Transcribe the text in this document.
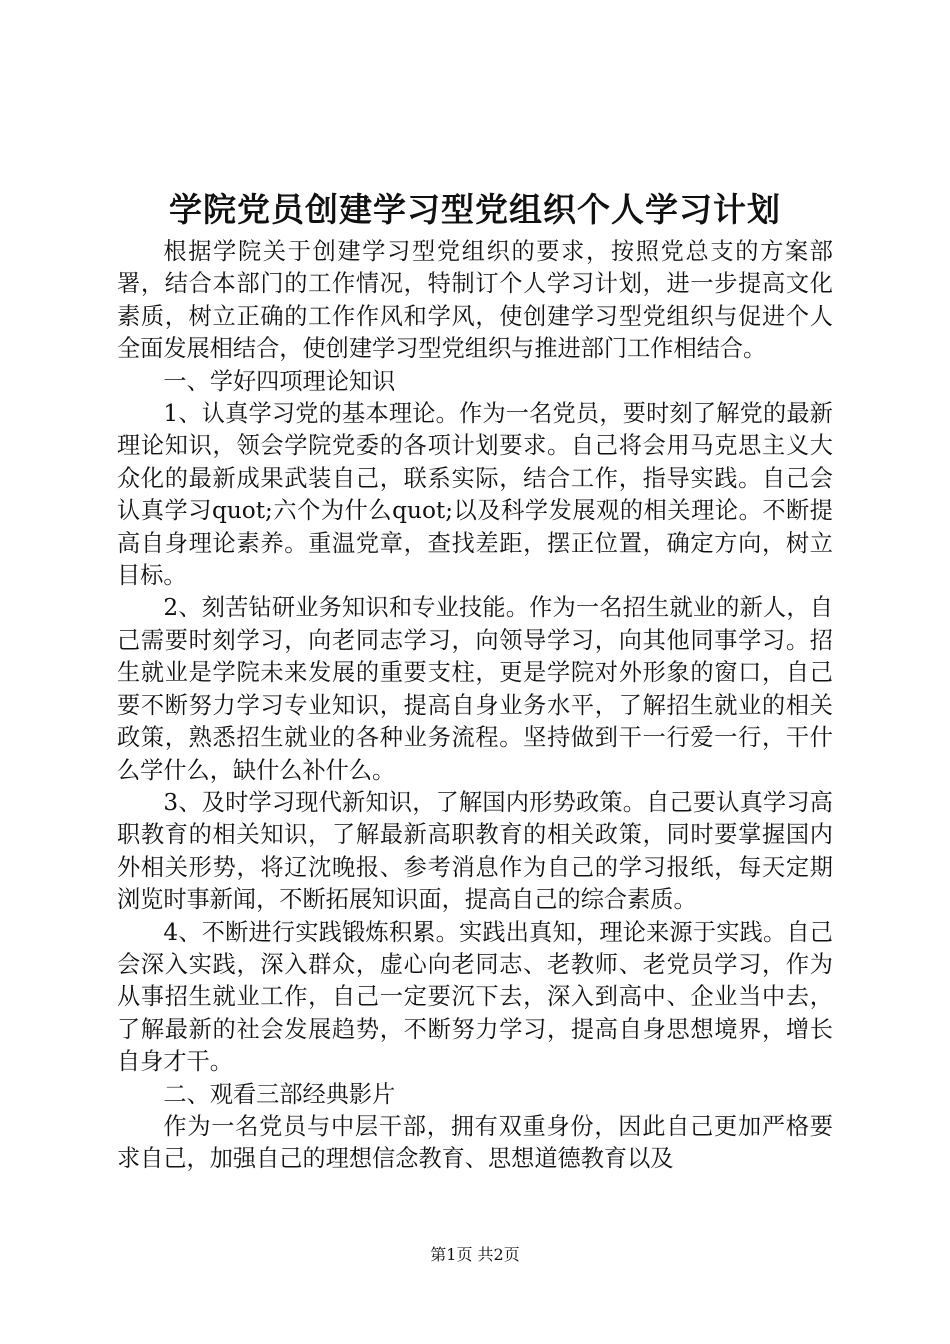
学院党员创建学习型党组织个人学习计划

根据学院关于创建学习型党组织的要求，按照党总支的方案部署，结合本部门的工作情况，特制订个人学习计划，进一步提高文化素质，树立正确的工作作风和学风，使创建学习型党组织与促进个人全面发展相结合，使创建学习型党组织与推进部门工作相结合。

一、学好四项理论知识

1、认真学习党的基本理论。作为一名党员，要时刻了解党的最新理论知识，领会学院党委的各项计划要求。自己将会用马克思主义大众化的最新成果武装自己，联系实际，结合工作，指导实践。自己会认真学习quot;六个为什么quot;以及科学发展观的相关理论。不断提高自身理论素养。重温党章，查找差距，摆正位置，确定方向，树立目标。

2、刻苦钻研业务知识和专业技能。作为一名招生就业的新人，自己需要时刻学习，向老同志学习，向领导学习，向其他同事学习。招生就业是学院未来发展的重要支柱，更是学院对外形象的窗口，自己要不断努力学习专业知识，提高自身业务水平，了解招生就业的相关政策，熟悉招生就业的各种业务流程。坚持做到干一行爱一行，干什么学什么，缺什么补什么。

3、及时学习现代新知识，了解国内形势政策。自己要认真学习高职教育的相关知识，了解最新高职教育的相关政策，同时要掌握国内外相关形势，将辽沈晚报、参考消息作为自己的学习报纸，每天定期浏览时事新闻，不断拓展知识面，提高自己的综合素质。

4、不断进行实践锻炼积累。实践出真知，理论来源于实践。自己会深入实践，深入群众，虚心向老同志、老教师、老党员学习，作为从事招生就业工作，自己一定要沉下去，深入到高中、企业当中去，了解最新的社会发展趋势，不断努力学习，提高自身思想境界，增长自身才干。

二、观看三部经典影片

作为一名党员与中层干部，拥有双重身份，因此自己更加严格要求自己，加强自己的理想信念教育、思想道德教育以及

第1页 共2页
